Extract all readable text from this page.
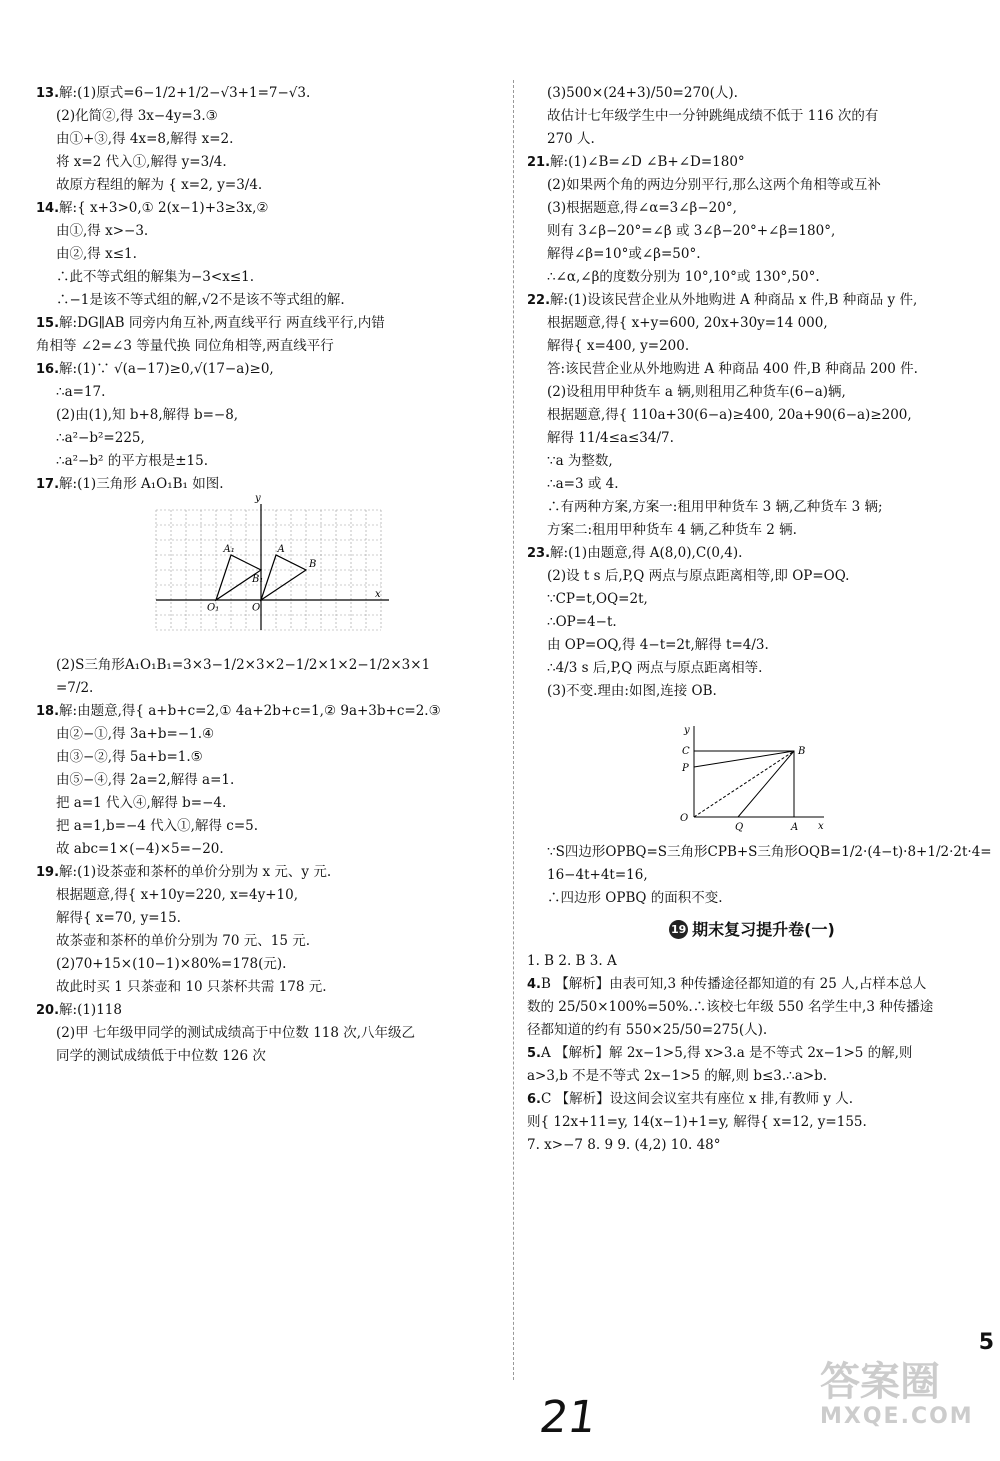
13.解:(1)原式=6−1/2+1/2−√3+1=7−√3.
(2)化简②,得 3x−4y=3.③
由①+③,得 4x=8,解得 x=2.
将 x=2 代入①,解得 y=3/4.
故原方程组的解为 { x=2, y=3/4.
14.解:{ x+3>0,① 2(x−1)+3≥3x,②
由①,得 x>−3.
由②,得 x≤1.
∴此不等式组的解集为−3<x≤1.
∴−1是该不等式组的解,√2不是该不等式组的解.
15.解:DG∥AB 同旁内角互补,两直线平行 两直线平行,内错
角相等 ∠2=∠3 等量代换 同位角相等,两直线平行
16.解:(1)∵ √(a−17)≥0,√(17−a)≥0,
∴a=17.
(2)由(1),知 b+8,解得 b=−8,
∴a²−b²=225,
∴a²−b² 的平方根是±15.
17.解:(1)三角形 A₁O₁B₁ 如图.
A₁	A
B
B₁
O₁	O
x
y
(2)S三角形A₁O₁B₁=3×3−1/2×3×2−1/2×1×2−1/2×3×1
=7/2.
18.解:由题意,得{ a+b+c=2,① 4a+2b+c=1,② 9a+3b+c=2.③
由②−①,得 3a+b=−1.④
由③−②,得 5a+b=1.⑤
由⑤−④,得 2a=2,解得 a=1.
把 a=1 代入④,解得 b=−4.
把 a=1,b=−4 代入①,解得 c=5.
故 abc=1×(−4)×5=−20.
19.解:(1)设茶壶和茶杯的单价分别为 x 元、y 元.
根据题意,得{ x+10y=220, x=4y+10,
解得{ x=70, y=15.
故茶壶和茶杯的单价分别为 70 元、15 元.
(2)70+15×(10−1)×80%=178(元).
故此时买 1 只茶壶和 10 只茶杯共需 178 元.
20.解:(1)118
(2)甲 七年级甲同学的测试成绩高于中位数 118 次,八年级乙
同学的测试成绩低于中位数 126 次
(3)500×(24+3)/50=270(人).
故估计七年级学生中一分钟跳绳成绩不低于 116 次的有
270 人.
21.解:(1)∠B=∠D ∠B+∠D=180°
(2)如果两个角的两边分别平行,那么这两个角相等或互补
(3)根据题意,得∠α=3∠β−20°,
则有 3∠β−20°=∠β 或 3∠β−20°+∠β=180°,
解得∠β=10°或∠β=50°.
∴∠α,∠β的度数分别为 10°,10°或 130°,50°.
22.解:(1)设该民营企业从外地购进 A 种商品 x 件,B 种商品 y 件,
根据题意,得{ x+y=600, 20x+30y=14 000,
解得{ x=400, y=200.
答:该民营企业从外地购进 A 种商品 400 件,B 种商品 200 件.
(2)设租用甲种货车 a 辆,则租用乙种货车(6−a)辆,
根据题意,得{ 110a+30(6−a)≥400, 20a+90(6−a)≥200,
解得 11/4≤a≤34/7.
∵a 为整数,
∴a=3 或 4.
∴有两种方案,方案一:租用甲种货车 3 辆,乙种货车 3 辆;
方案二:租用甲种货车 4 辆,乙种货车 2 辆.
23.解:(1)由题意,得 A(8,0),C(0,4).
(2)设 t s 后,P,Q 两点与原点距离相等,即 OP=OQ.
∵CP=t,OQ=2t,
∴OP=4−t.
由 OP=OQ,得 4−t=2t,解得 t=4/3.
∴4/3 s 后,P,Q 两点与原点距离相等.
(3)不变.理由:如图,连接 OB.
C	B
P
O
Q	A x
y
∵S四边形OPBQ=S三角形CPB+S三角形OQB=1/2·(4−t)·8+1/2·2t·4=
16−4t+4t=16,
∴四边形 OPBQ 的面积不变.
19 期末复习提升卷(一)
1. B 2. B 3. A
4.B 【解析】由表可知,3 种传播途径都知道的有 25 人,占样本总人
数的 25/50×100%=50%.∴该校七年级 550 名学生中,3 种传播途
径都知道的约有 550×25/50=275(人).
5.A 【解析】解 2x−1>5,得 x>3.a 是不等式 2x−1>5 的解,则
a>3,b 不是不等式 2x−1>5 的解,则 b≤3.∴a>b.
6.C 【解析】设这间会议室共有座位 x 排,有教师 y 人.
则{ 12x+11=y, 14(x−1)+1=y, 解得{ x=12, y=155.
7. x>−7 8. 9 9. (4,2) 10. 48°
5
21
答案圈
MXQE.COM
